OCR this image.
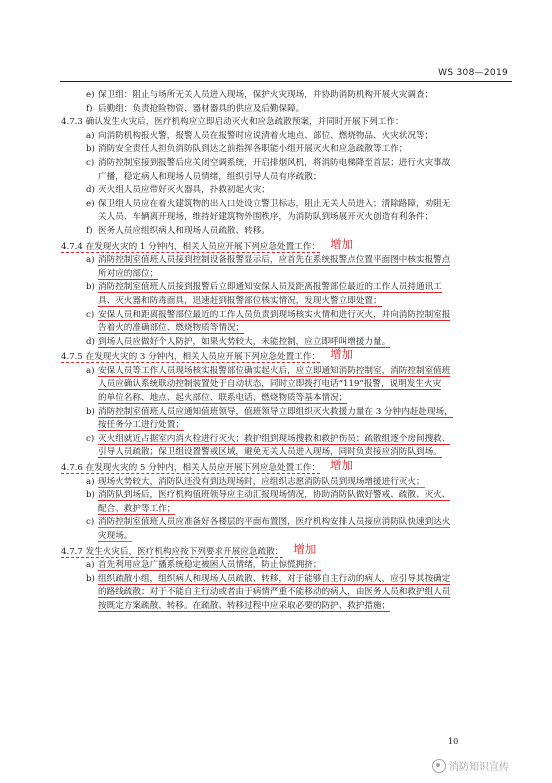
WS 308—2019
e) 保卫组：阻止与场所无关人员进入现场，保护火灾现场，并协助消防机构开展火灾调查；
f) 后勤组：负责抢险物资、器材器具的供应及后勤保障。
4.7.3 确认发生火灾后，医疗机构应立即启动灭火和应急疏散预案，并同时开展下列工作：
a) 向消防机构报火警，报警人员在报警时应说清着火地点、部位、燃烧物品、火灾状况等；
b) 消防安全责任人担负消防队到达之前指挥各职能小组开展灭火和应急疏散等工作；
c) 消防控制室接到报警后应关闭空调系统，开启排烟风机，将消防电梯降至首层；进行火灾事故
广播，稳定病人和现场人员情绪，组织引导人员有序疏散；
d) 灭火组人员应带好灭火器具，扑救初起火灾；
e) 保卫组人员应在着火建筑物的出入口处设立警卫标志，阻止无关人员进入；清除路障，劝阻无
关人员、车辆离开现场，维持好建筑物外围秩序，为消防队到场展开灭火创造有利条件；
f) 医务人员应组织病人和现场人员疏散、转移。
4.7.4 在发现火灾的 1 分钟内，相关人员应开展下列应急处置工作： 增加
a) 消防控制室值班人员接到控制设备报警显示后，应首先在系统报警点位置平面图中核实报警点
所对应的部位；
b) 消防控制室值班人员接到报警后立即通知安保人员及距离报警部位最近的工作人员持通讯工
具、灭火器和防毒面具，迅速赶到报警部位核实情况，发现火警立即处置；
c) 安保人员和距离报警部位最近的工作人员负责到现场核实火情和进行灭火，并向消防控制室报
告着火的准确部位、燃烧物质等情况；
d) 到场人员应做好个人防护，如果火势较大，未能控制，应立即呼叫增援力量。
4.7.5 在发现火灾的 3 分钟内，相关人员应开展下列应急处置工作： 增加
a) 安保人员等工作人员现场核实报警部位确实起火后，应立即通知消防控制室，消防控制室值班
人员应确认系统联动控制装置处于自动状态，同时立即拨打电话“119”报警，说明发生火灾
的单位名称、地点、起火部位、联系电话、燃烧物质等基本情况；
b) 消防控制室值班人员应通知值班领导，值班领导立即组织灭火救援力量在 3 分钟内赶赴现场，
按任务分工进行处置；
c) 灭火组就近占据室内消火栓进行灭火；救护组到现场搜救和救护伤员；疏散组逐个房间搜救、
引导人员疏散；保卫组设置警戒区域，避免无关人员进入现场，同时负责接应消防队到场。
4.7.6 在发现火灾的 5 分钟内，相关人员应开展下列应急处置工作： 增加
a) 现场火势较大，消防队还没有到达现场时，应组织志愿消防队员到现场增援进行灭火；
b) 消防队到场后，医疗机构值班领导应主动汇报现场情况，协助消防队做好警戒、疏散、灭火、
配合、救护等工作；
c) 消防控制室值班人员应准备好各楼层的平面布置图，医疗机构安排人员接应消防队快速到达火
灾现场。
4.7.7 发生火灾后，医疗机构应按下列要求开展应急疏散： 增加
a) 首先利用应急广播系统稳定被困人员情绪，防止惊慌拥挤；
b) 组织疏散小组，组织病人和现场人员疏散、转移，对于能够自主行动的病人，应引导其按确定
的路线疏散；对于不能自主行动或者由于病情严重不能移动的病人，由医务人员和救护组人员
按既定方案疏散、转移。在疏散、转移过程中应采取必要的防护、救护措施；
10
消防知识宣传
